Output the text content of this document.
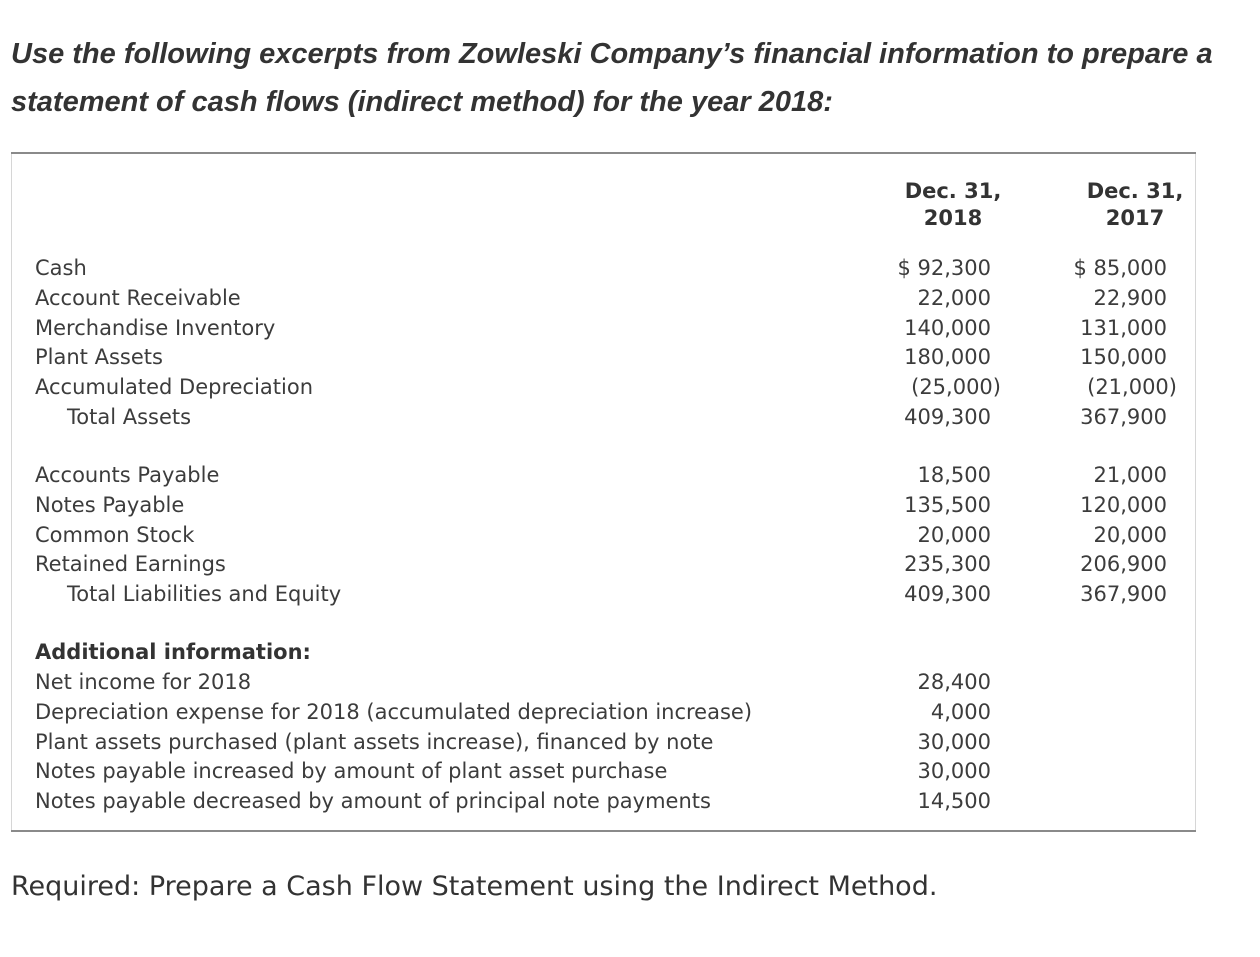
Use the following excerpts from Zowleski Company’s financial information to prepare a statement of cash flows (indirect method) for the year 2018:

Dec. 31,
2018
Dec. 31,
2017
Cash	$ 92,300	$ 85,000
Account Receivable	22,000	22,900
Merchandise Inventory	140,000	131,000
Plant Assets	180,000	150,000
Accumulated Depreciation	(25,000)	(21,000)
Total Assets	409,300	367,900
Accounts Payable	18,500	21,000
Notes Payable	135,500	120,000
Common Stock	20,000	20,000
Retained Earnings	235,300	206,900
Total Liabilities and Equity	409,300	367,900
Additional information:
Net income for 2018	28,400
Depreciation expense for 2018 (accumulated depreciation increase)	4,000
Plant assets purchased (plant assets increase), financed by note	30,000
Notes payable increased by amount of plant asset purchase	30,000
Notes payable decreased by amount of principal note payments	14,500

Required: Prepare a Cash Flow Statement using the Indirect Method.
